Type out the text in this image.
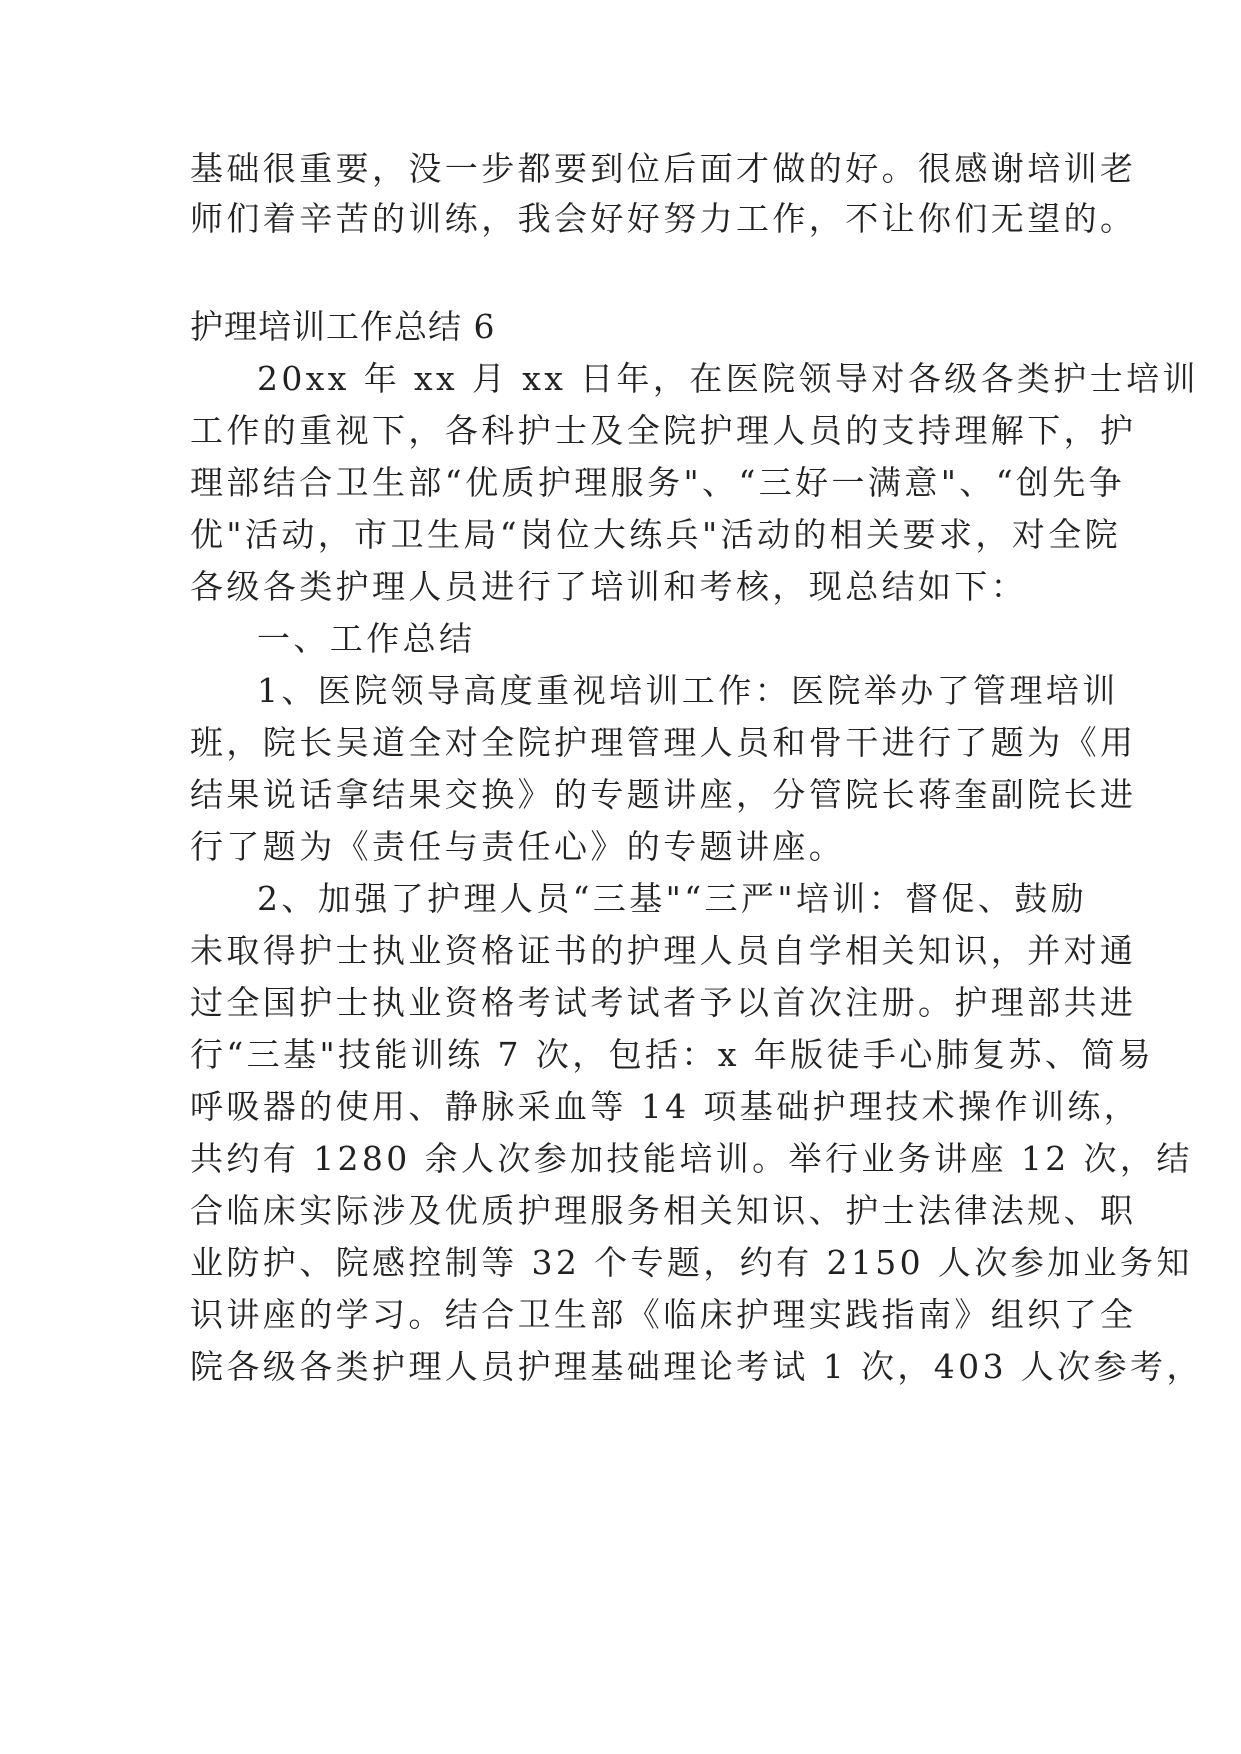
基础很重要，没一步都要到位后面才做的好。很感谢培训老
师们着辛苦的训练，我会好好努力工作，不让你们无望的。
护理培训工作总结 6
20xx 年 xx 月 xx 日年，在医院领导对各级各类护士培训
工作的重视下，各科护士及全院护理人员的支持理解下，护
理部结合卫生部“优质护理服务"、“三好一满意"、“创先争
优"活动，市卫生局“岗位大练兵"活动的相关要求，对全院
各级各类护理人员进行了培训和考核，现总结如下：
一、工作总结
1、医院领导高度重视培训工作：医院举办了管理培训
班，院长吴道全对全院护理管理人员和骨干进行了题为《用
结果说话拿结果交换》的专题讲座，分管院长蒋奎副院长进
行了题为《责任与责任心》的专题讲座。
2、加强了护理人员“三基"“三严"培训：督促、鼓励
未取得护士执业资格证书的护理人员自学相关知识，并对通
过全国护士执业资格考试考试者予以首次注册。护理部共进
行“三基"技能训练 7 次，包括：x 年版徒手心肺复苏、简易
呼吸器的使用、静脉采血等 14 项基础护理技术操作训练，
共约有 1280 余人次参加技能培训。举行业务讲座 12 次，结
合临床实际涉及优质护理服务相关知识、护士法律法规、职
业防护、院感控制等 32 个专题，约有 2150 人次参加业务知
识讲座的学习。结合卫生部《临床护理实践指南》组织了全
院各级各类护理人员护理基础理论考试 1 次，403 人次参考，
